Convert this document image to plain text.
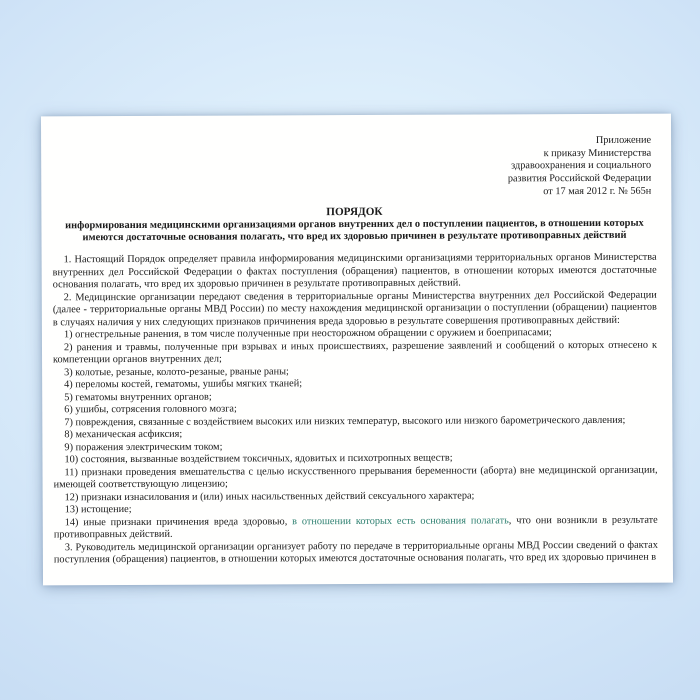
Приложение
к приказу Министерства
здравоохранения и социального
развития Российской Федерации
от 17 мая 2012 г. № 565н
ПОРЯДОК
информирования медицинскими организациями органов внутренних дел о поступлении пациентов, в отношении которых имеются достаточные основания полагать, что вред их здоровью причинен в результате противоправных действий

1. Настоящий Порядок определяет правила информирования медицинскими организациями территориальных органов Министерства внутренних дел Российской Федерации о фактах поступления (обращения) пациентов, в отношении которых имеются достаточные основания полагать, что вред их здоровью причинен в результате противоправных действий.

2. Медицинские организации передают сведения в территориальные органы Министерства внутренних дел Российской Федерации (далее - территориальные органы МВД России) по месту нахождения медицинской организации о поступлении (обращении) пациентов в случаях наличия у них следующих признаков причинения вреда здоровью в результате совершения противоправных действий:

1) огнестрельные ранения, в том числе полученные при неосторожном обращении с оружием и боеприпасами;

2) ранения и травмы, полученные при взрывах и иных происшествиях, разрешение заявлений и сообщений о которых отнесено к компетенции органов внутренних дел;

3) колотые, резаные, колото-резаные, рваные раны;

4) переломы костей, гематомы, ушибы мягких тканей;

5) гематомы внутренних органов;

6) ушибы, сотрясения головного мозга;

7) повреждения, связанные с воздействием высоких или низких температур, высокого или низкого барометрического давления;

8) механическая асфиксия;

9) поражения электрическим током;

10) состояния, вызванные воздействием токсичных, ядовитых и психотропных веществ;

11) признаки проведения вмешательства с целью искусственного прерывания беременности (аборта) вне медицинской организации, имеющей соответствующую лицензию;

12) признаки изнасилования и (или) иных насильственных действий сексуального характера;

13) истощение;

14) иные признаки причинения вреда здоровью, в отношении которых есть основания полагать, что они возникли в результате противоправных действий.

3. Руководитель медицинской организации организует работу по передаче в территориальные органы МВД России сведений о фактах поступления (обращения) пациентов, в отношении которых имеются достаточные основания полагать, что вред их здоровью причинен в
